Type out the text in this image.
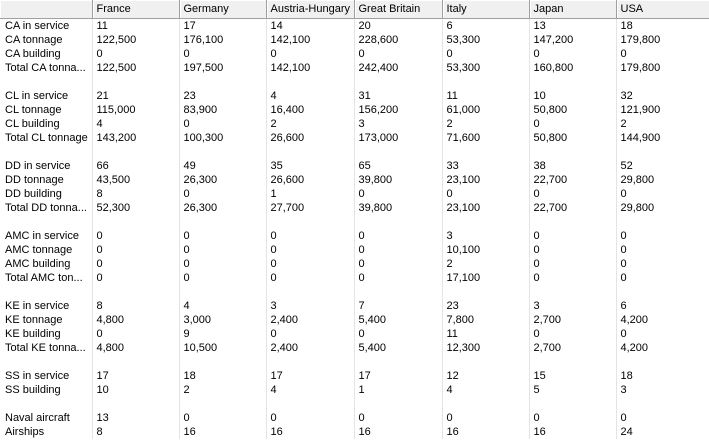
	France	Germany	Austria-Hungary	Great Britain	Italy	Japan	USA
CA in service	11	17	14	20	6	13	18
CA tonnage	122,500	176,100	142,100	228,600	53,300	147,200	179,800
CA building	0	0	0	0	0	0	0
Total CA tonna...	122,500	197,500	142,100	242,400	53,300	160,800	179,800

CL in service	21	23	4	31	11	10	32
CL tonnage	115,000	83,900	16,400	156,200	61,000	50,800	121,900
CL building	4	0	2	3	2	0	2
Total CL tonnage	143,200	100,300	26,600	173,000	71,600	50,800	144,900

DD in service	66	49	35	65	33	38	52
DD tonnage	43,500	26,300	26,600	39,800	23,100	22,700	29,800
DD building	8	0	1	0	0	0	0
Total DD tonna...	52,300	26,300	27,700	39,800	23,100	22,700	29,800

AMC in service	0	0	0	0	3	0	0
AMC tonnage	0	0	0	0	10,100	0	0
AMC building	0	0	0	0	2	0	0
Total AMC ton...	0	0	0	0	17,100	0	0

KE in service	8	4	3	7	23	3	6
KE tonnage	4,800	3,000	2,400	5,400	7,800	2,700	4,200
KE building	0	9	0	0	11	0	0
Total KE tonna...	4,800	10,500	2,400	5,400	12,300	2,700	4,200

SS in service	17	18	17	17	12	15	18
SS building	10	2	4	1	4	5	3

Naval aircraft	13	0	0	0	0	0	0
Airships	8	16	16	16	16	16	24
